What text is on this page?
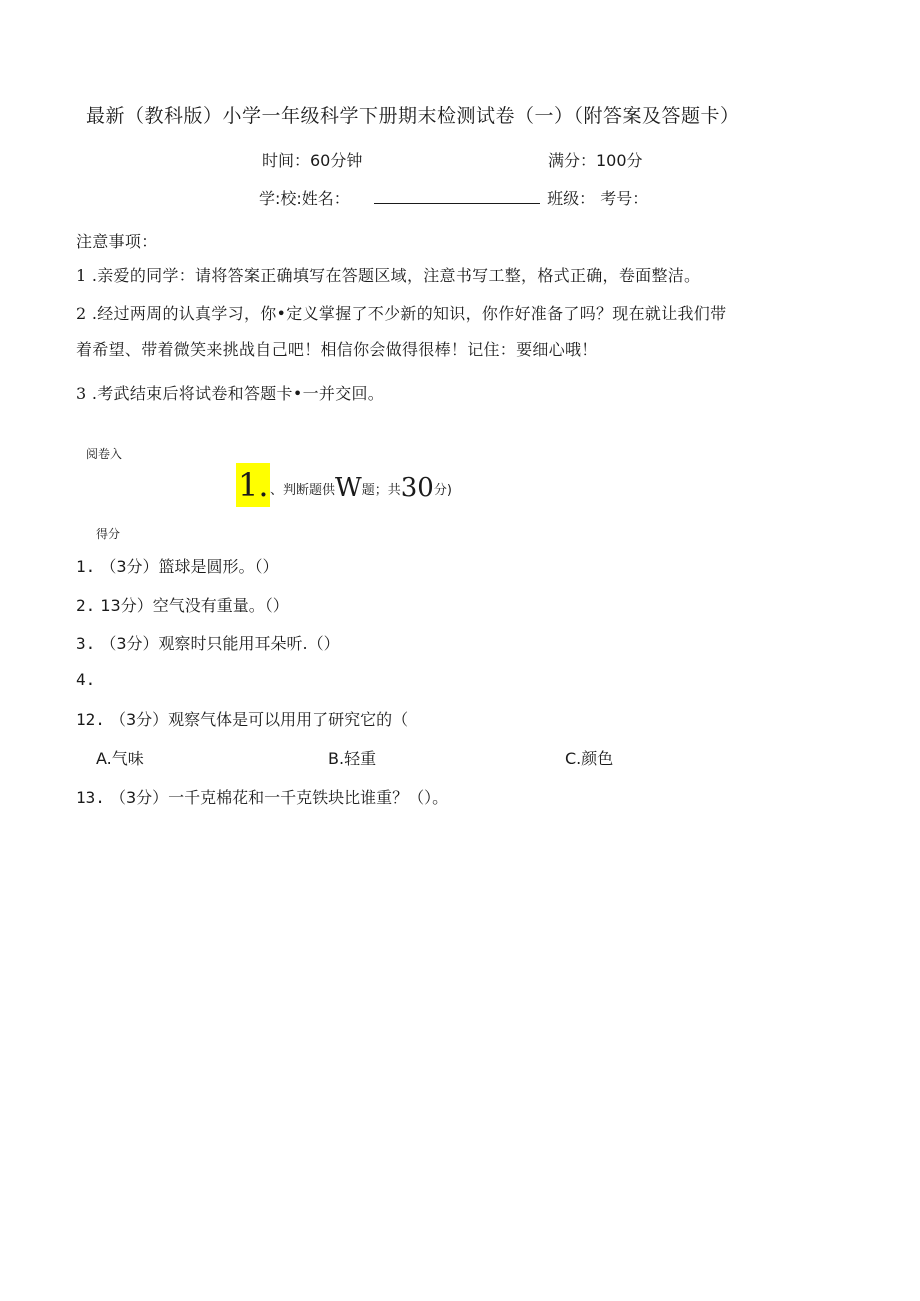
最新（教科版）小学一年级科学下册期末检测试卷（一）（附答案及答题卡）
时间：60分钟	满分：100分
学:校:姓名：	班级： 考号：
注意事项：
1 .亲爱的同学：请将答案正确填写在答题区域，注意书写工整，格式正确，卷面整洁。
2 .经过两周的认真学习，你•定义掌握了不少新的知识，你作好准备了吗？现在就让我们带
着希望、带着微笑来挑战自己吧！相信你会做得很棒！记住：要细心哦！
3 .考武结束后将试卷和答题卡•一并交回。
阅卷入
1. 、判断题供 W 题；共 30 分)
得分
1. （3分）篮球是圆形。（）
2. 13分）空气没有重量。（）
3. （3分）观察时只能用耳朵听.（）
4.
12. （3分）观察气体是可以用用了研究它的（
A.气味	B.轻重	C.颜色
13. （3分）一千克棉花和一千克铁块比谁重？（）。
